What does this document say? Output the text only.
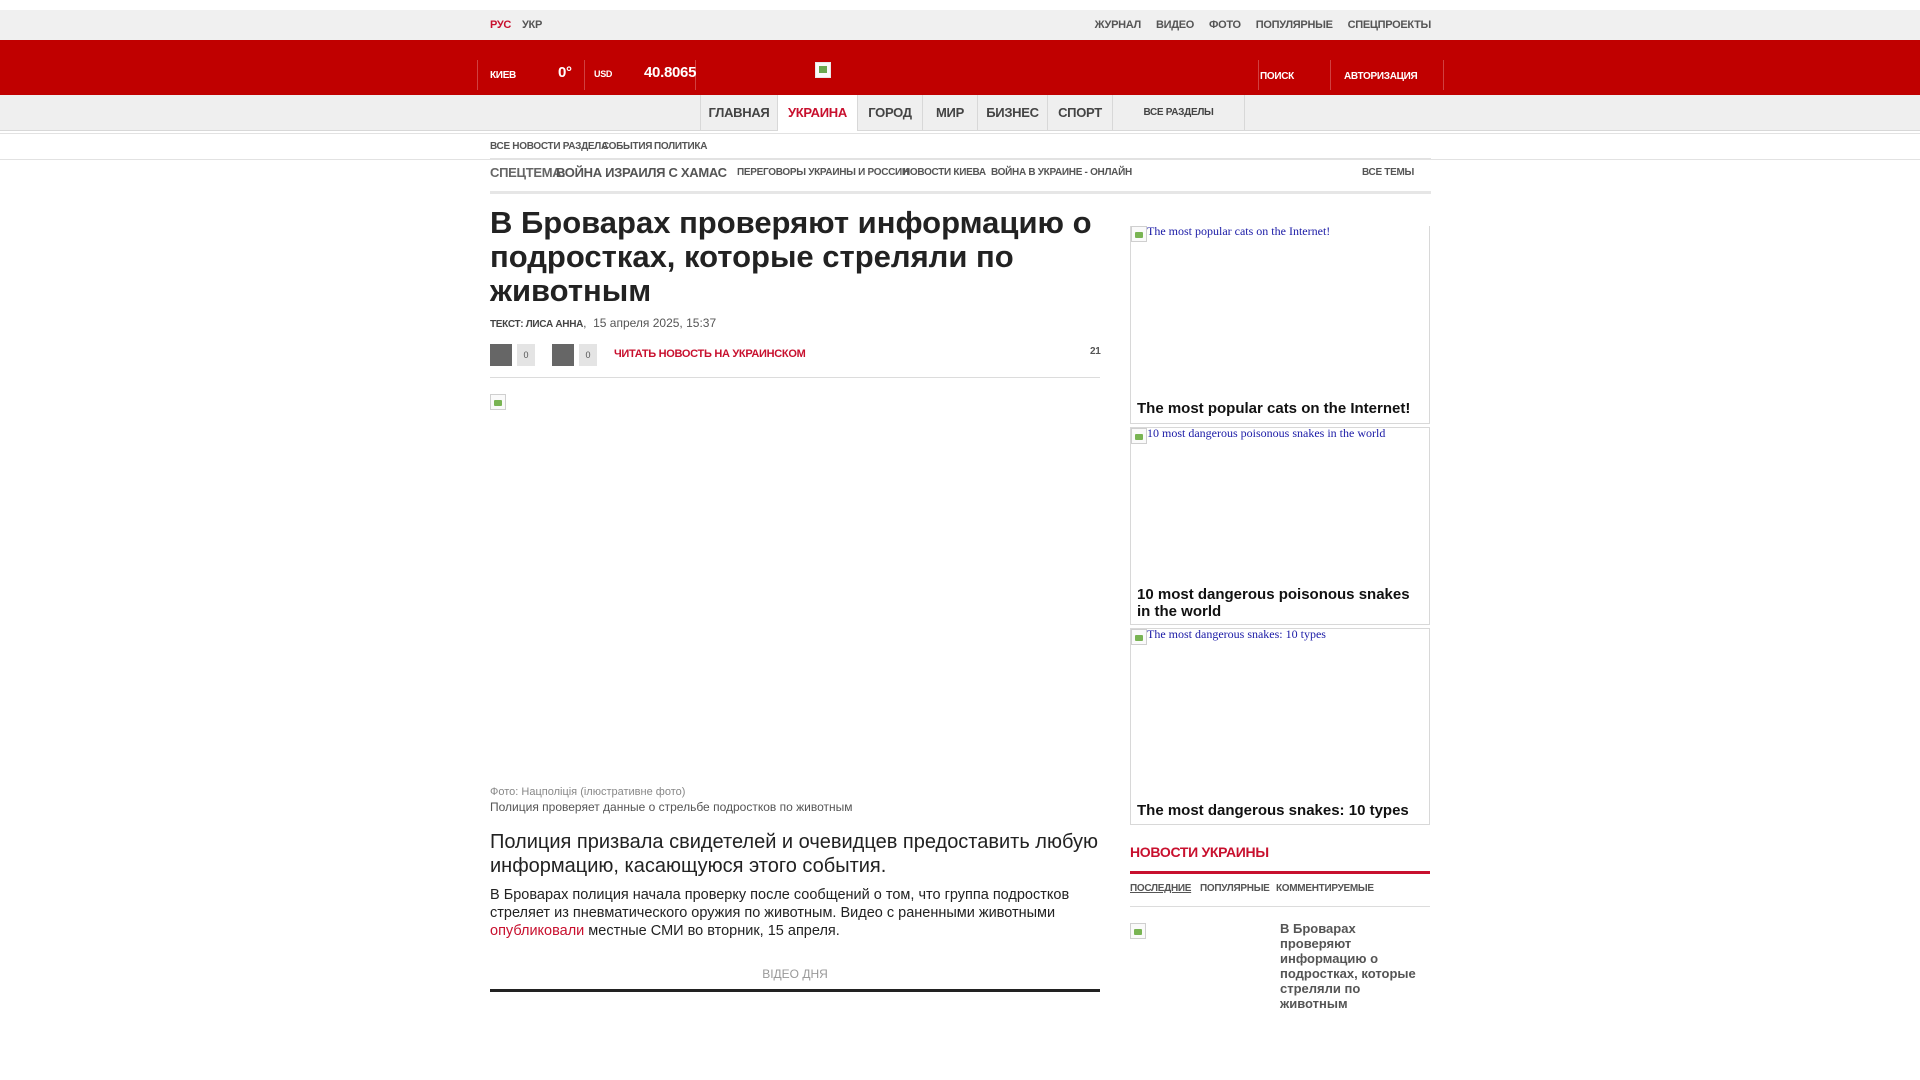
РУС УКР	ЖУРНАЛ ВИДЕО ФОТО ПОПУЛЯРНЫЕ СПЕЦПРОЕКТЫ
КИЕВ	0° USD 40.8065	ПОИСК	АВТОРИЗАЦИЯ
ГЛАВНАЯ	УКРАИНА	ГОРОД	МИР	БИЗНЕС	СПОРТ	ВСЕ РАЗДЕЛЫ
ВСЕ НОВОСТИ РАЗДЕЛА
СОБЫТИЯ ПОЛИТИКА
СПЕЦТЕМА:
ВОЙНА ИЗРАИЛЯ С ХАМАС ПЕРЕГОВОРЫ УКРАИНЫ И РОССИИ
НОВОСТИ КИЕВА ВОЙНА В УКРАИНЕ - ОНЛАЙН	ВСЕ ТЕМЫ
В Броварах проверяют информацию о подростках, которые стреляли по животным
ТЕКСТ: ЛИСА АННА,  15 апреля 2025, 15:37
0	0	ЧИТАТЬ НОВОСТЬ НА УКРАИНСКОМ	21
Фото: Нацполіція (ілюстративне фото)
Полиция проверяет данные о стрельбе подростков по животным

Полиция призвала свидетелей и очевидцев предоставить любую информацию, касающуюся этого события.

В Броварах полиция начала проверку после сообщений о том, что группа подростков стреляет из пневматического оружия по животным. Видео с раненными животными опубликовали местные СМИ во вторник, 15 апреля.

ВІДЕО ДНЯ
The most popular cats on the Internet!
The most popular cats on the Internet!
10 most dangerous poisonous snakes in the world
10 most dangerous poisonous snakes in the world
The most dangerous snakes: 10 types
The most dangerous snakes: 10 types
НОВОСТИ УКРАИНЫ
ПОСЛЕДНИЕ ПОПУЛЯРНЫЕ КОММЕНТИРУЕМЫЕ
В Броварах проверяют информацию о подростках, которые стреляли по животным
